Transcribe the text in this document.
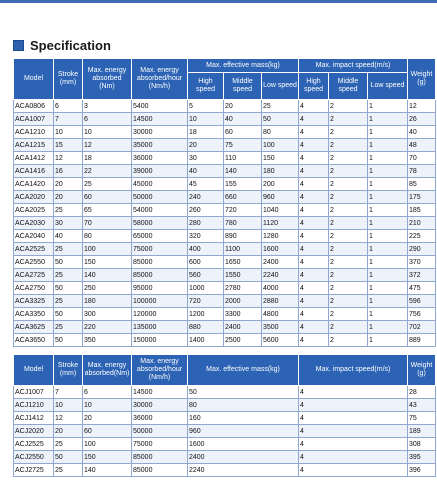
Specification
Model	Stroke (mm)	Max. energy absorbed (Nm)	Max. energy absorbed/hour (Nm/h)	Max. effective mass(kg)			Max. impact speed(m/s)			Weight (g)
				High speed	Middle speed	Low speed	High speed	Middle speed	Low speed	
ACA0806	6	3	5400	5	20	25	4	2	1	12
ACA1007	7	6	14500	10	40	50	4	2	1	26
ACA1210	10	10	30000	18	60	80	4	2	1	40
ACA1215	15	12	35000	20	75	100	4	2	1	48
ACA1412	12	18	36000	30	110	150	4	2	1	70
ACA1416	16	22	39000	40	140	180	4	2	1	78
ACA1420	20	25	45000	45	155	200	4	2	1	85
ACA2020	20	60	50000	240	660	960	4	2	1	175
ACA2025	25	65	54000	260	720	1040	4	2	1	185
ACA2030	30	70	58000	280	780	1120	4	2	1	210
ACA2040	40	80	65000	320	890	1280	4	2	1	225
ACA2525	25	100	75000	400	1100	1600	4	2	1	290
ACA2550	50	150	85000	600	1650	2400	4	2	1	370
ACA2725	25	140	85000	560	1550	2240	4	2	1	372
ACA2750	50	250	95000	1000	2780	4000	4	2	1	475
ACA3325	25	180	100000	720	2000	2880	4	2	1	596
ACA3350	50	300	120000	1200	3300	4800	4	2	1	756
ACA3625	25	220	135000	880	2400	3500	4	2	1	702
ACA3650	50	350	150000	1400	2500	5600	4	2	1	889
Model	Stroke (mm)	Max. energy absorbed(Nm)	Max. energy absorbed/hour (Nm/h)	Max. effective mass(kg)	Max. impact speed(m/s)	Weight (g)
ACJ1007	7	6	14500	50	4	28
ACJ1210	10	10	30000	80	4	43
ACJ1412	12	20	36000	160	4	75
ACJ2020	20	60	50000	960	4	189
ACJ2525	25	100	75000	1600	4	308
ACJ2550	50	150	85000	2400	4	395
ACJ2725	25	140	85000	2240	4	396
